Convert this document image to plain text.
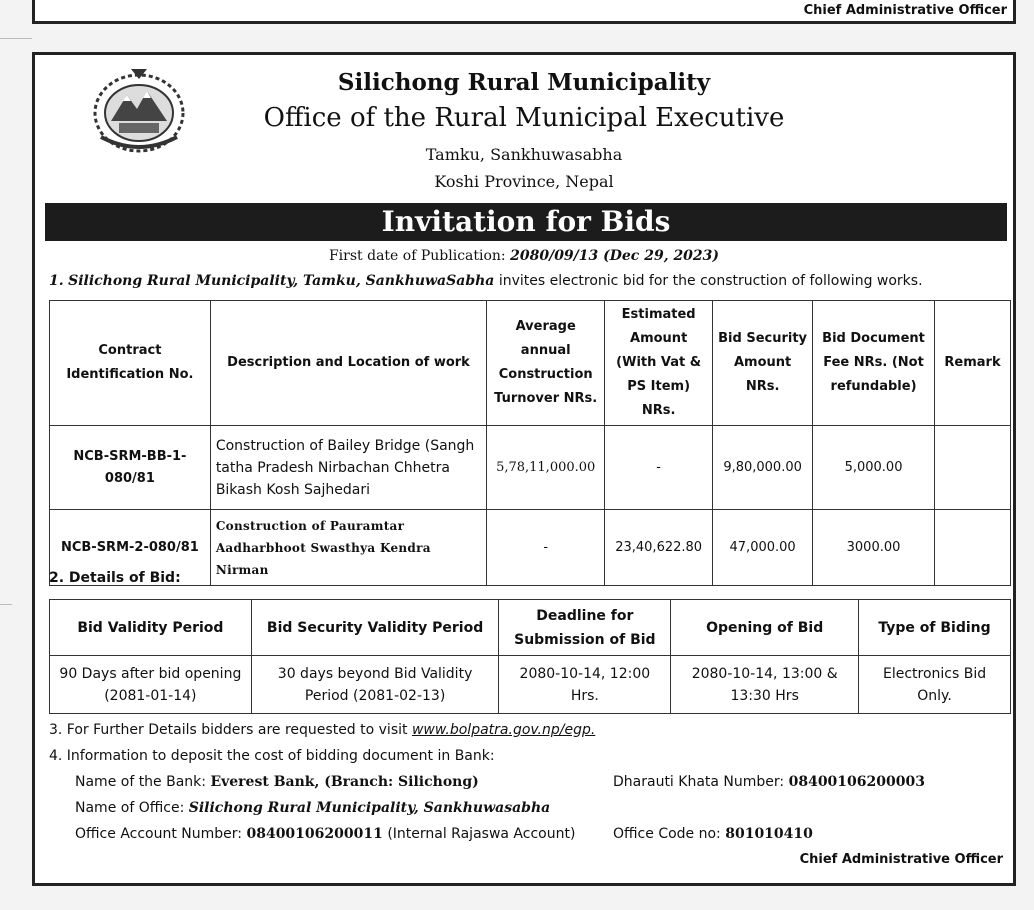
Chief Administrative Officer
Silichong Rural Municipality
Office of the Rural Municipal Executive
Tamku, Sankhuwasabha
Koshi Province, Nepal
Invitation for Bids
First date of Publication: 2080/09/13 (Dec 29, 2023)
1. Silichong Rural Municipality, Tamku, SankhuwaSabha invites electronic bid for the construction of following works.
Contract Identification No.	Description and Location of work	Average annual Construction Turnover NRs.	Estimated Amount (With Vat & PS Item) NRs.	Bid Security Amount NRs.	Bid Document Fee NRs. (Not refundable)	Remark
NCB-SRM-BB-1-080/81	Construction of Bailey Bridge (Sangh tatha Pradesh Nirbachan Chhetra Bikash Kosh Sajhedari	5,78,11,000.00	-	9,80,000.00	5,000.00	
NCB-SRM-2-080/81	Construction of Pauramtar Aadharbhoot Swasthya Kendra Nirman	-	23,40,622.80	47,000.00	3000.00	
2. Details of Bid:
Bid Validity Period	Bid Security Validity Period	Deadline for Submission of Bid	Opening of Bid	Type of Biding
90 Days after bid opening (2081-01-14)	30 days beyond Bid Validity Period (2081-02-13)	2080-10-14, 12:00 Hrs.	2080-10-14, 13:00 & 13:30 Hrs	Electronics Bid Only.
3. For Further Details bidders are requested to visit www.bolpatra.gov.np/egp.
4. Information to deposit the cost of bidding document in Bank:
Name of the Bank: Everest Bank, (Branch: Silichong)	Dharauti Khata Number: 08400106200003
Name of Office: Silichong Rural Municipality, Sankhuwasabha
Office Account Number: 08400106200011 (Internal Rajaswa Account)	Office Code no: 801010410
Chief Administrative Officer
